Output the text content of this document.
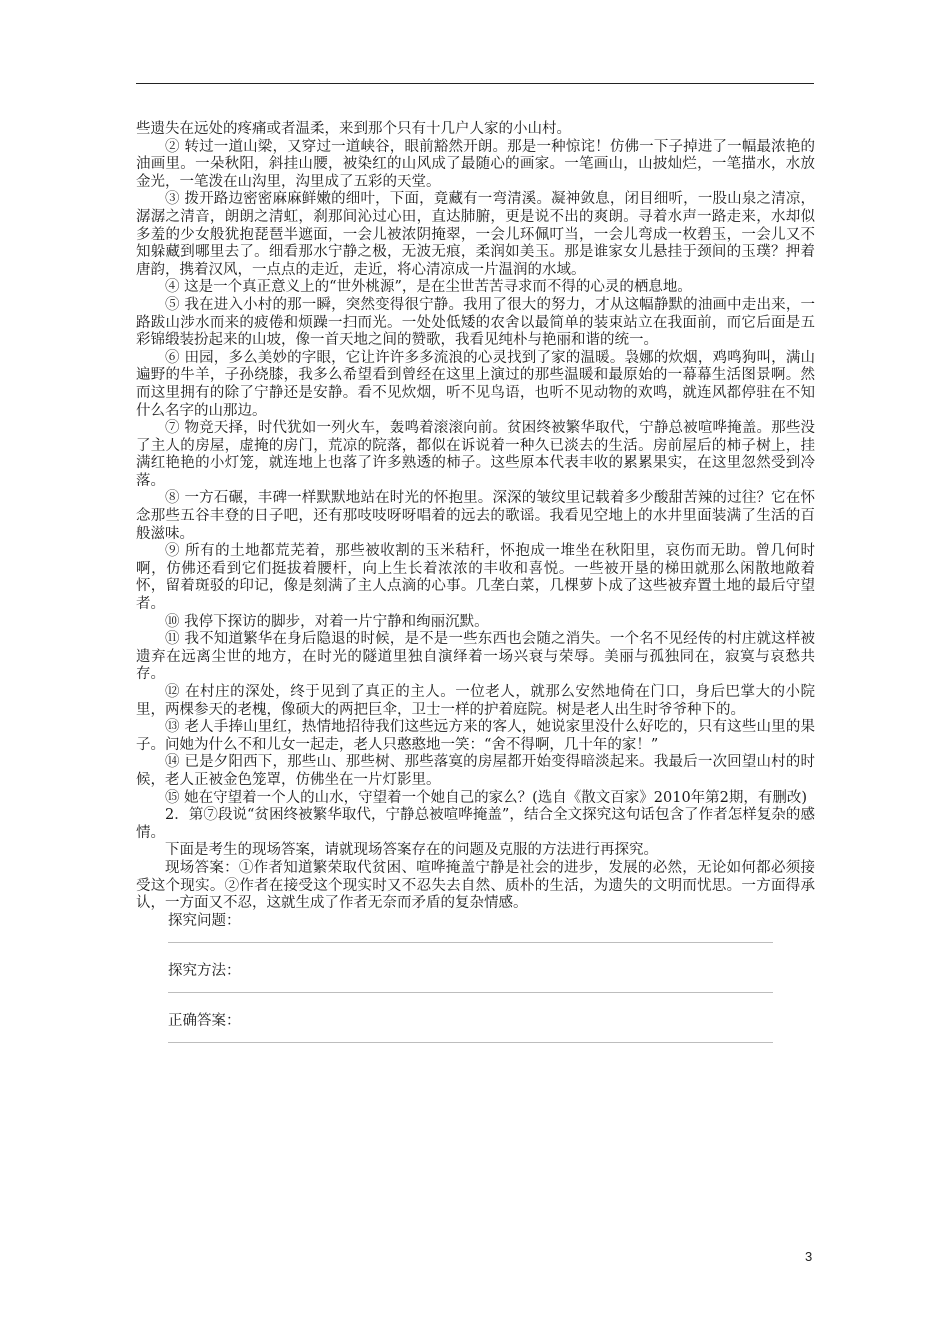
些遗失在远处的疼痛或者温柔，来到那个只有十几户人家的小山村。

② 转过一道山梁，又穿过一道峡谷，眼前豁然开朗。那是一种惊诧！仿佛一下子掉进了一幅最浓艳的油画里。一朵秋阳，斜挂山腰，被染红的山风成了最随心的画家。一笔画山，山披灿烂，一笔描水，水放金光，一笔泼在山沟里，沟里成了五彩的天堂。

③ 拨开路边密密麻麻鲜嫩的细叶，下面，竟藏有一弯清溪。凝神敛息，闭目细听，一股山泉之清凉，潺潺之清音，朗朗之清虹，刹那间沁过心田，直达肺腑，更是说不出的爽朗。寻着水声一路走来，水却似多羞的少女般犹抱琵琶半遮面，一会儿被浓阴掩翠，一会儿环佩叮当，一会儿弯成一枚碧玉，一会儿又不知躲藏到哪里去了。细看那水宁静之极，无波无痕，柔润如美玉。那是谁家女儿悬挂于颈间的玉璞？押着唐韵，携着汉风，一点点的走近，走近，将心清凉成一片温润的水域。

④ 这是一个真正意义上的“世外桃源”，是在尘世苦苦寻求而不得的心灵的栖息地。

⑤ 我在进入小村的那一瞬，突然变得很宁静。我用了很大的努力，才从这幅静默的油画中走出来，一路跋山涉水而来的疲倦和烦躁一扫而光。一处处低矮的农舍以最简单的装束站立在我面前，而它后面是五彩锦缎装扮起来的山坡，像一首天地之间的赞歌，我看见纯朴与艳丽和谐的统一。

⑥ 田园，多么美妙的字眼，它让许许多多流浪的心灵找到了家的温暖。袅娜的炊烟，鸡鸣狗叫，满山遍野的牛羊，子孙绕膝，我多么希望看到曾经在这里上演过的那些温暖和最原始的一幕幕生活图景啊。然而这里拥有的除了宁静还是安静。看不见炊烟，听不见鸟语，也听不见动物的欢鸣，就连风都停驻在不知什么名字的山那边。

⑦ 物竞天择，时代犹如一列火车，轰鸣着滚滚向前。贫困终被繁华取代，宁静总被喧哗掩盖。那些没了主人的房屋，虚掩的房门，荒凉的院落，都似在诉说着一种久已淡去的生活。房前屋后的柿子树上，挂满红艳艳的小灯笼，就连地上也落了许多熟透的柿子。这些原本代表丰收的累累果实，在这里忽然受到冷落。

⑧ 一方石碾，丰碑一样默默地站在时光的怀抱里。深深的皱纹里记载着多少酸甜苦辣的过往？它在怀念那些五谷丰登的日子吧，还有那吱吱呀呀唱着的远去的歌谣。我看见空地上的水井里面装满了生活的百般滋味。

⑨ 所有的土地都荒芜着，那些被收割的玉米秸秆，怀抱成一堆坐在秋阳里，哀伤而无助。曾几何时啊，仿佛还看到它们挺拔着腰杆，向上生长着浓浓的丰收和喜悦。一些被开垦的梯田就那么闲散地敞着怀，留着斑驳的印记，像是刻满了主人点滴的心事。几垄白菜，几棵萝卜成了这些被弃置土地的最后守望者。

⑩ 我停下探访的脚步，对着一片宁静和绚丽沉默。

⑪ 我不知道繁华在身后隐退的时候，是不是一些东西也会随之消失。一个名不见经传的村庄就这样被遗弃在远离尘世的地方，在时光的隧道里独自演绎着一场兴衰与荣辱。美丽与孤独同在，寂寞与哀愁共存。

⑫ 在村庄的深处，终于见到了真正的主人。一位老人，就那么安然地倚在门口，身后巴掌大的小院里，两棵参天的老槐，像硕大的两把巨伞，卫士一样的护着庭院。树是老人出生时爷爷种下的。

⑬ 老人手捧山里红，热情地招待我们这些远方来的客人，她说家里没什么好吃的，只有这些山里的果子。问她为什么不和儿女一起走，老人只憨憨地一笑：“舍不得啊，几十年的家！”

⑭ 已是夕阳西下，那些山、那些树、那些落寞的房屋都开始变得暗淡起来。我最后一次回望山村的时候，老人正被金色笼罩，仿佛坐在一片灯影里。

⑮ 她在守望着一个人的山水，守望着一个她自己的家么？(选自《散文百家》2010年第2期，有删改)

2．第⑦段说“贫困终被繁华取代，宁静总被喧哗掩盖”，结合全文探究这句话包含了作者怎样复杂的感情。

下面是考生的现场答案，请就现场答案存在的问题及克服的方法进行再探究。

现场答案：①作者知道繁荣取代贫困、喧哗掩盖宁静是社会的进步，发展的必然，无论如何都必须接受这个现实。②作者在接受这个现实时又不忍失去自然、质朴的生活，为遗失的文明而忧思。一方面得承认，一方面又不忍，这就生成了作者无奈而矛盾的复杂情感。

探究问题：
探究方法：
正确答案：
3
